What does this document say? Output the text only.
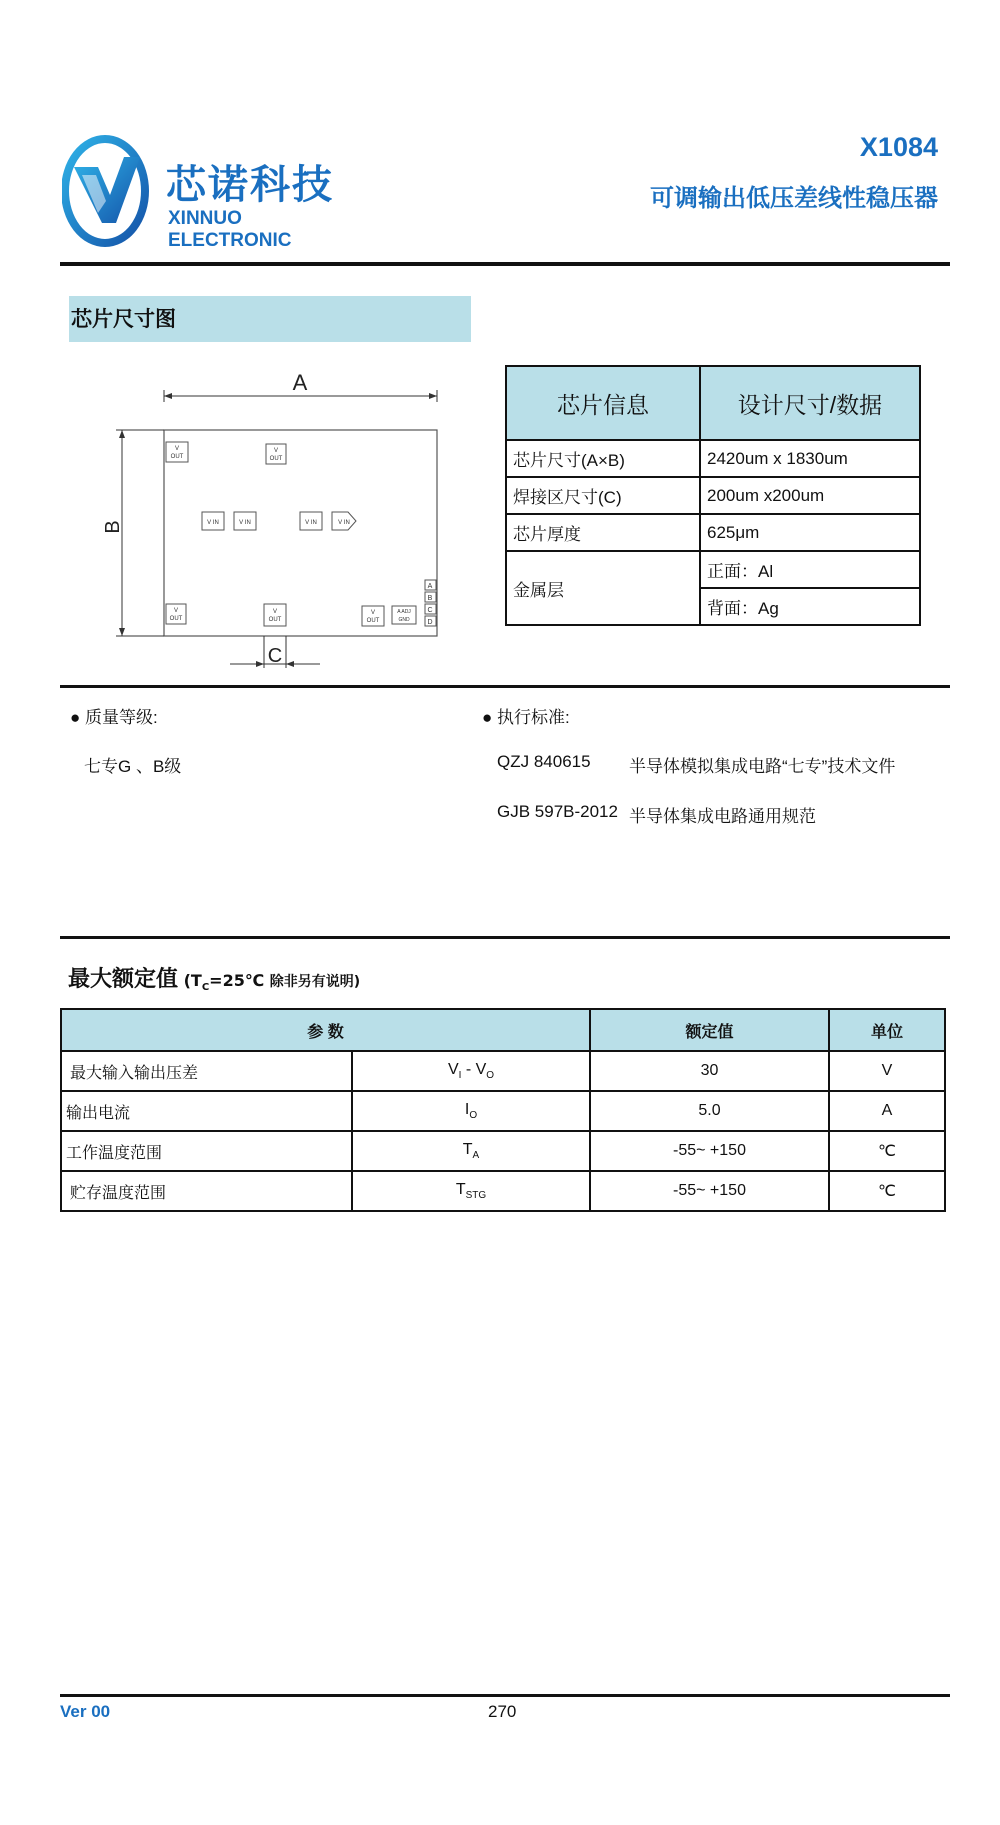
芯诺科技
XINNUO ELECTRONIC
X1084
可调输出低压差线性稳压器
芯片尺寸图
A
B
C
V
OUT
V
OUT
V IN	V IN	V IN	V IN
V
OUT
V
OUT
V
OUT
A ADJ
GND
A
B
C
D
芯片信息	设计尺寸/数据
芯片尺寸(A×B)	2420um x 1830um
焊接区尺寸(C)	200um x200um
芯片厚度	625μm
金属层	正面：Al
	背面：Ag
● 质量等级:
七专G 、B级
● 执行标准:
QZJ 840615 半导体模拟集成电路“七专”技术文件
GJB 597B-2012 半导体集成电路通用规范
最大额定值 ($T_C=25℃$ 除非另有说明)
参 数		额定值	单位
最大输入输出压差	$V_I - V_O$	30	V
输出电流	$I_O$	5.0	A
工作温度范围	$T_A$	-55~ +150	℃
贮存温度范围	$T_{STG}$	-55~ +150	℃
Ver 00	270
